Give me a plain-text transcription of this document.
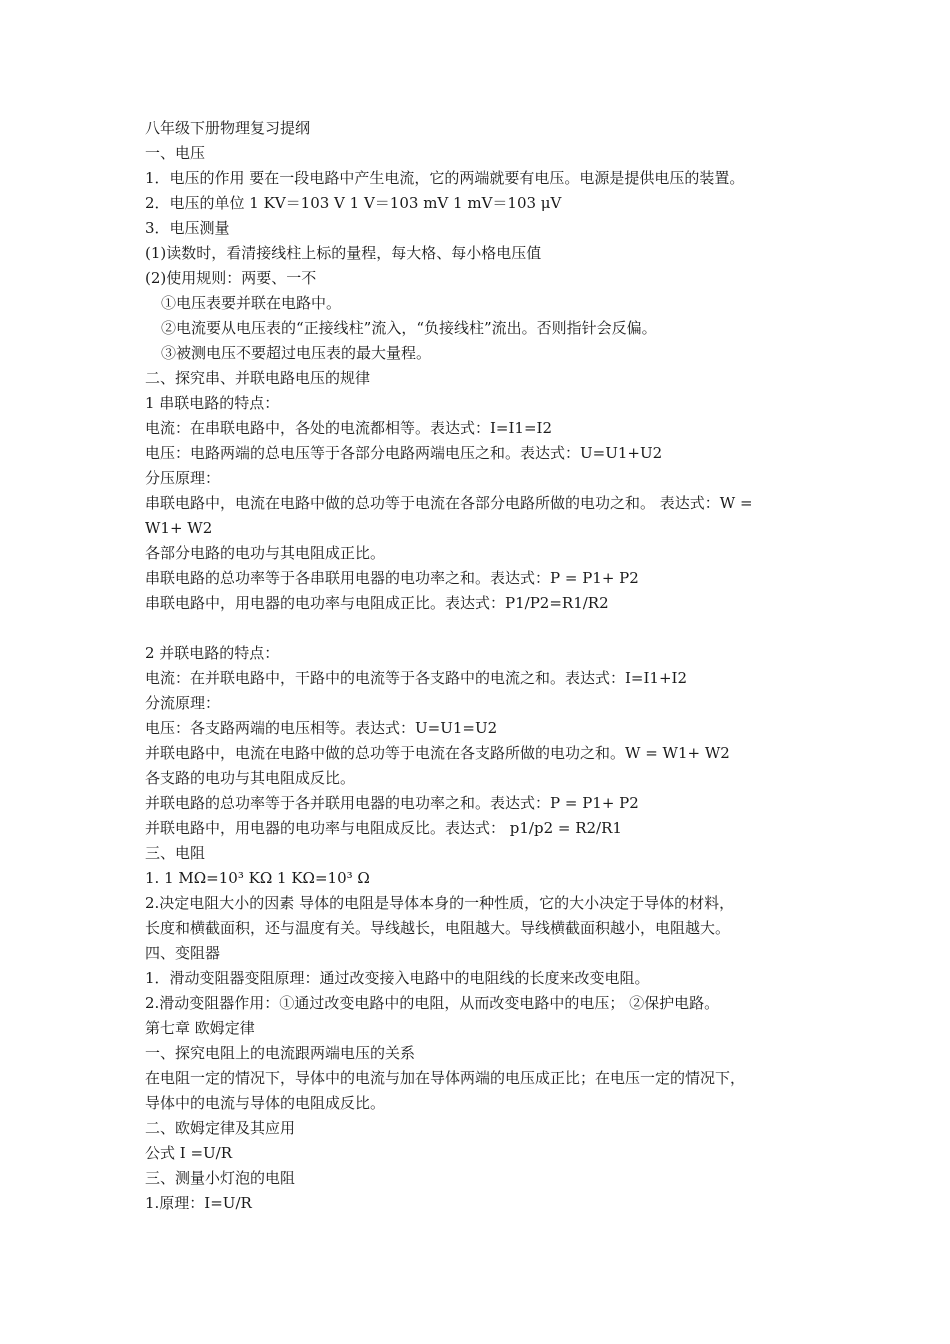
八年级下册物理复习提纲
一、电压
1．电压的作用 要在一段电路中产生电流，它的两端就要有电压。电源是提供电压的装置。
2．电压的单位 1 KV＝103 V 1 V＝103 mV 1 mV＝103 μV
3．电压测量
(1)读数时，看清接线柱上标的量程，每大格、每小格电压值
(2)使用规则：两要、一不
①电压表要并联在电路中。
②电流要从电压表的“正接线柱”流入，“负接线柱”流出。否则指针会反偏。
③被测电压不要超过电压表的最大量程。
二、探究串、并联电路电压的规律
1 串联电路的特点：
电流：在串联电路中，各处的电流都相等。表达式：I=I1=I2
电压：电路两端的总电压等于各部分电路两端电压之和。表达式：U=U1+U2
分压原理：
串联电路中，电流在电路中做的总功等于电流在各部分电路所做的电功之和。 表达式：W =
W1+ W2
各部分电路的电功与其电阻成正比。
串联电路的总功率等于各串联用电器的电功率之和。表达式：P = P1+ P2
串联电路中，用电器的电功率与电阻成正比。表达式：P1/P2=R1/R2
2 并联电路的特点：
电流：在并联电路中，干路中的电流等于各支路中的电流之和。表达式：I=I1+I2
分流原理：
电压：各支路两端的电压相等。表达式：U=U1=U2
并联电路中，电流在电路中做的总功等于电流在各支路所做的电功之和。W = W1+ W2
各支路的电功与其电阻成反比。
并联电路的总功率等于各并联用电器的电功率之和。表达式：P = P1+ P2
并联电路中，用电器的电功率与电阻成反比。表达式： p1/p2 = R2/R1
三、电阻
1. 1 MΩ=10³ KΩ 1 KΩ=10³ Ω
2.决定电阻大小的因素 导体的电阻是导体本身的一种性质，它的大小决定于导体的材料，
长度和横截面积，还与温度有关。导线越长，电阻越大。导线横截面积越小，电阻越大。
四、变阻器
1．滑动变阻器变阻原理：通过改变接入电路中的电阻线的长度来改变电阻。
2.滑动变阻器作用：①通过改变电路中的电阻，从而改变电路中的电压； ②保护电路。
第七章 欧姆定律
一、探究电阻上的电流跟两端电压的关系
在电阻一定的情况下，导体中的电流与加在导体两端的电压成正比；在电压一定的情况下，
导体中的电流与导体的电阻成反比。
二、欧姆定律及其应用
公式 I =U/R
三、测量小灯泡的电阻
1.原理：I=U/R
